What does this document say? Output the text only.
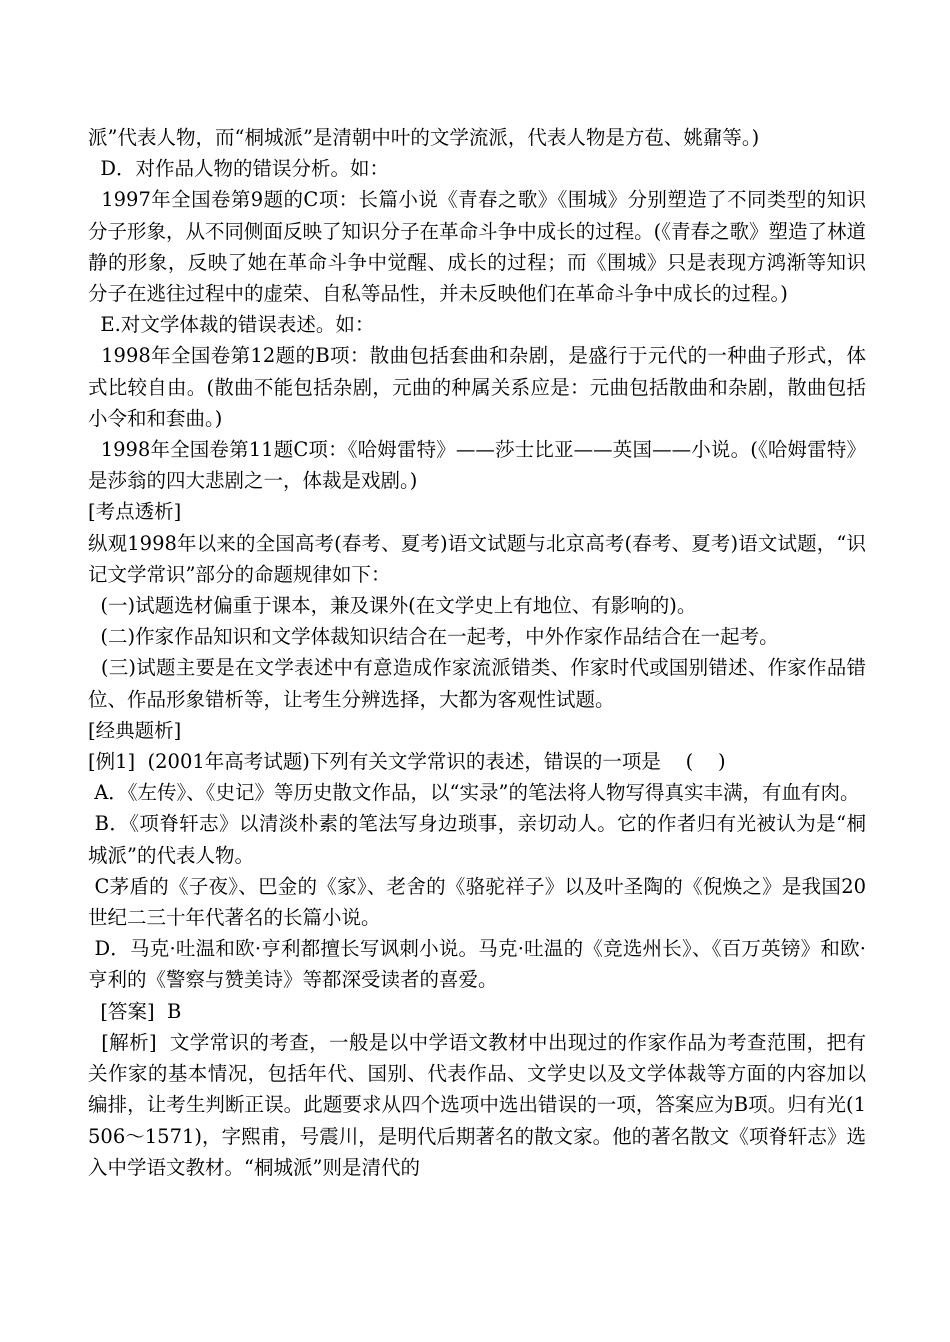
派”代表人物，而“桐城派”是清朝中叶的文学流派，代表人物是方苞、姚鼐等。)

D．对作品人物的错误分析。如：

1997年全国卷第9题的C项：长篇小说《青春之歌》《围城》分别塑造了不同类型的知识分子形象，从不同侧面反映了知识分子在革命斗争中成长的过程。(《青春之歌》塑造了林道静的形象，反映了她在革命斗争中觉醒、成长的过程；而《围城》只是表现方鸿渐等知识分子在逃往过程中的虚荣、自私等品性，并未反映他们在革命斗争中成长的过程。)

E.对文学体裁的错误表述。如：

1998年全国卷第12题的B项：散曲包括套曲和杂剧，是盛行于元代的一种曲子形式，体式比较自由。(散曲不能包括杂剧，元曲的种属关系应是：元曲包括散曲和杂剧，散曲包括小令和和套曲。)

1998年全国卷第11题C项：《哈姆雷特》——莎士比亚——英国——小说。(《哈姆雷特》是莎翁的四大悲剧之一，体裁是戏剧。)

[考点透析]

纵观1998年以来的全国高考(春考、夏考)语文试题与北京高考(春考、夏考)语文试题，“识记文学常识”部分的命题规律如下：

(一)试题选材偏重于课本，兼及课外(在文学史上有地位、有影响的)。

(二)作家作品知识和文学体裁知识结合在一起考，中外作家作品结合在一起考。

(三)试题主要是在文学表述中有意造成作家流派错类、作家时代或国别错述、作家作品错位、作品形象错析等，让考生分辨选择，大都为客观性试题。

[经典题析]

[例1]  (2001年高考试题)下列有关文学常识的表述，错误的一项是    (    )

A．《左传》、《史记》等历史散文作品，以“实录”的笔法将人物写得真实丰满，有血有肉。

B．《项脊轩志》以清淡朴素的笔法写身边琐事，亲切动人。它的作者归有光被认为是“桐城派”的代表人物。

C茅盾的《子夜》、巴金的《家》、老舍的《骆驼祥子》以及叶圣陶的《倪焕之》是我国20世纪二三十年代著名的长篇小说。

D．马克·吐温和欧·亨利都擅长写讽刺小说。马克·吐温的《竞选州长》、《百万英镑》和欧·亨利的《警察与赞美诗》等都深受读者的喜爱。

[答案]  B

[解析]  文学常识的考查，一般是以中学语文教材中出现过的作家作品为考查范围，把有关作家的基本情况，包括年代、国别、代表作品、文学史以及文学体裁等方面的内容加以编排，让考生判断正误。此题要求从四个选项中选出错误的一项，答案应为B项。归有光(1506～1571)，字熙甫，号震川，是明代后期著名的散文家。他的著名散文《项脊轩志》选入中学语文教材。“桐城派”则是清代的
